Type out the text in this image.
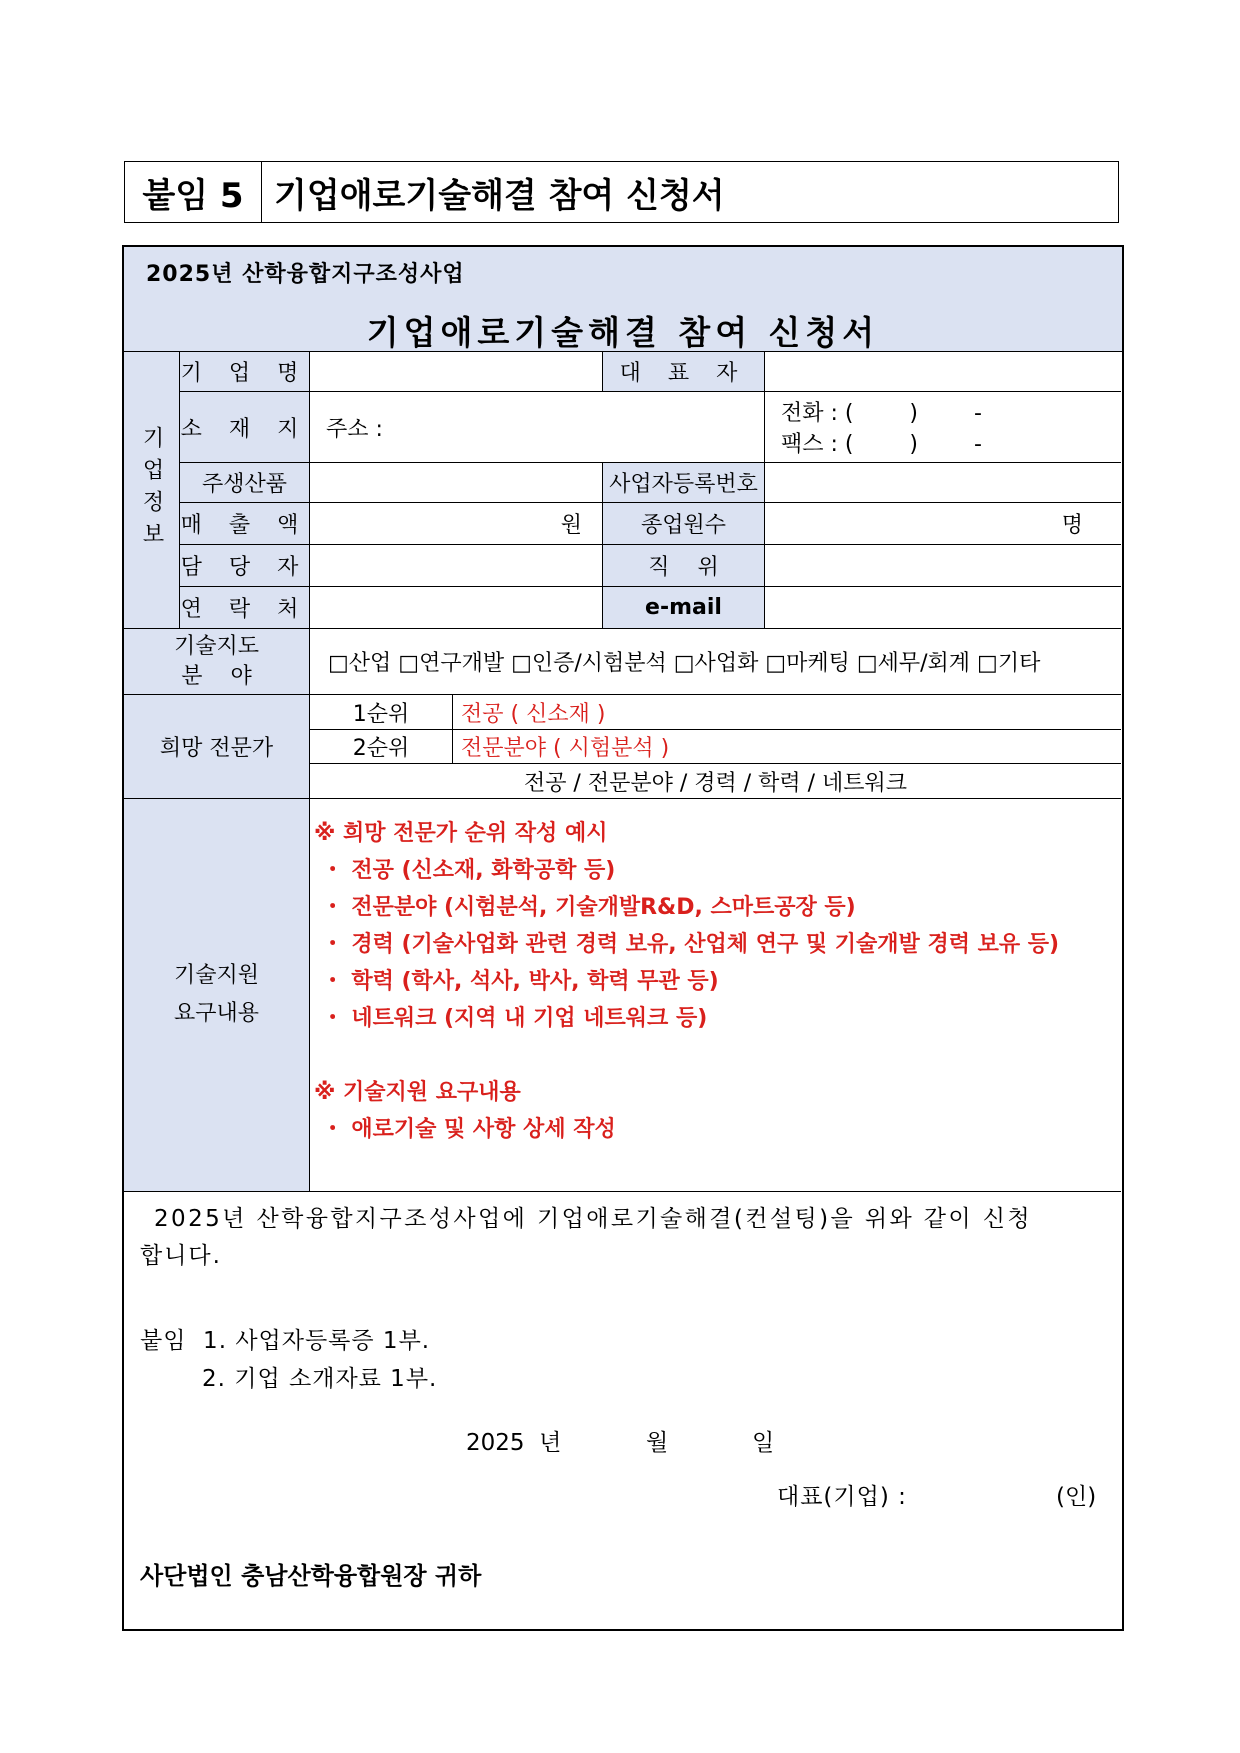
붙임 5 기업애로기술해결 참여 신청서
2025년 산학융합지구조성사업
기업애로기술해결 참여 신청서
기업정보
기 업 명	대 표 자
소 재 지 주소 :
전화 : (        )        -
팩스 : (        )        -
주생산품	사업자등록번호
매 출 액	원	종업원수	명
담 당 자	직    위
연 락 처	e-mail
기술지도
분    야	□산업 □연구개발 □인증/시험분석 □사업화 □마케팅 □세무/회계 □기타
희망 전문가
1순위	전공 ( 신소재 )
2순위	전문분야 ( 시험분석 )
전공 / 전문분야 / 경력 / 학력 / 네트워크
기술지원
요구내용
※ 희망 전문가 순위 작성 예시
・ 전공 (신소재, 화학공학 등)
・ 전문분야 (시험분석, 기술개발R&D, 스마트공장 등)
・ 경력 (기술사업화 관련 경력 보유, 산업체 연구 및 기술개발 경력 보유 등)
・ 학력 (학사, 석사, 박사, 학력 무관 등)
・ 네트워크 (지역 내 기업 네트워크 등)
※ 기술지원 요구내용
・ 애로기술 및 사항 상세 작성
2025년 산학융합지구조성사업에 기업애로기술해결(컨설팅)을 위와 같이 신청
합니다.
붙임  1. 사업자등록증 1부.
2. 기업 소개자료 1부.
2025  년	월	일
대표(기업) :	(인)
사단법인 충남산학융합원장 귀하
